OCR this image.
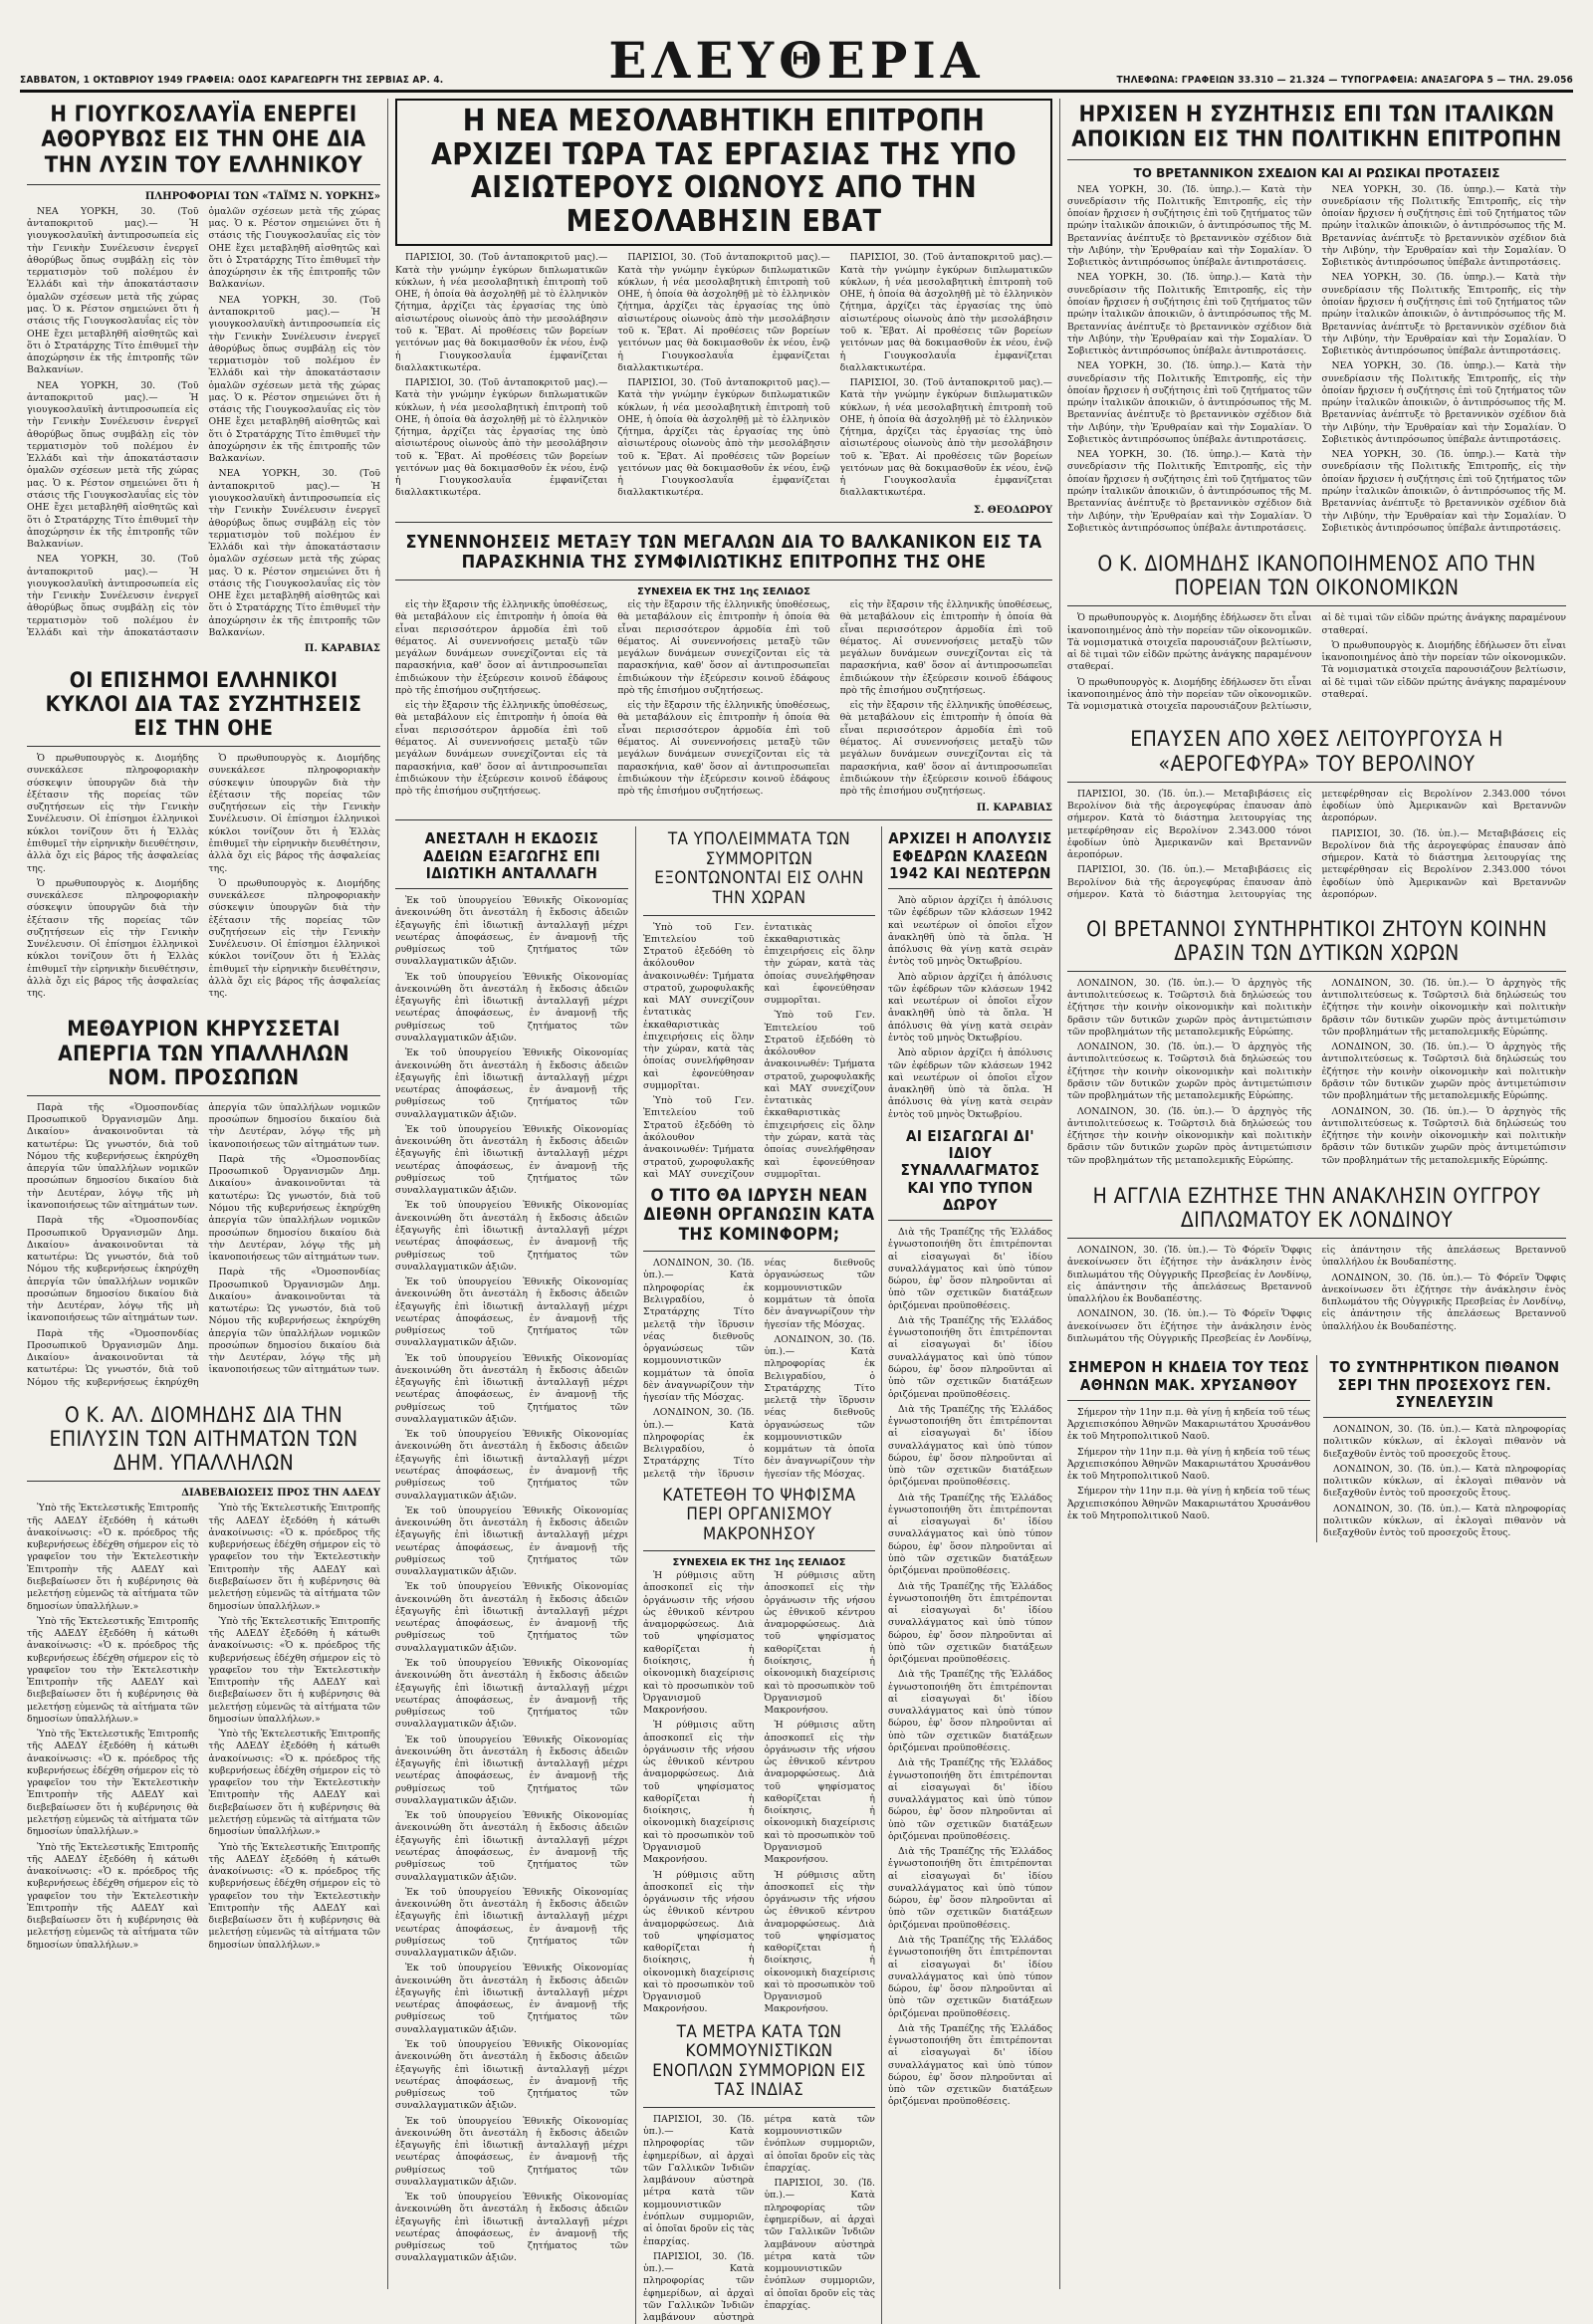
ΣΑΒΒΑΤΟΝ, 1 ΟΚΤΩΒΡΙΟΥ 1949 ΓΡΑΦΕΙΑ: ΟΔΟΣ ΚΑΡΑΓΕΩΡΓΗ ΤΗΣ ΣΕΡΒΙΑΣ ΑΡ. 4.	ΕΛΕΥΘΕΡΙΑ	ΤΗΛΕΦΩΝΑ: ΓΡΑΦΕΙΩΝ 33.310 — 21.324 — ΤΥΠΟΓΡΑΦΕΙΑ: ΑΝΑΞΑΓΟΡΑ 5 — ΤΗΛ. 29.056
Η ΓΙΟΥΓΚΟΣΛΑΥΪΑ ΕΝΕΡΓΕΙ ΑΘΟΡΥΒΩΣ ΕΙΣ ΤΗΝ ΟΗΕ ΔΙΑ ΤΗΝ ΛΥΣΙΝ ΤΟΥ ΕΛΛΗΝΙΚΟΥ
ΠΛΗΡΟΦΟΡΙΑΙ ΤΩΝ «ΤΑΪΜΣ Ν. ΥΟΡΚΗΣ»

ΝΕΑ ΥΟΡΚΗ, 30. (Τοῦ ἀνταποκριτοῦ μας).— Ἡ γιουγκοσλαυϊκὴ ἀντιπροσωπεία εἰς τὴν Γενικὴν Συνέλευσιν ἐνεργεῖ ἀθορύβως ὅπως συμβάλῃ εἰς τὸν τερματισμὸν τοῦ πολέμου ἐν Ἑλλάδι καὶ τὴν ἀποκατάστασιν ὁμαλῶν σχέσεων μετὰ τῆς χώρας μας. Ὁ κ. Ρέστον σημειώνει ὅτι ἡ στάσις τῆς Γιουγκοσλαυΐας εἰς τὸν ΟΗΕ ἔχει μεταβληθῆ αἰσθητῶς καὶ ὅτι ὁ Στρατάρχης Τίτο ἐπιθυμεῖ τὴν ἀποχώρησιν ἐκ τῆς ἐπιτροπῆς τῶν Βαλκανίων.

ΝΕΑ ΥΟΡΚΗ, 30. (Τοῦ ἀνταποκριτοῦ μας).— Ἡ γιουγκοσλαυϊκὴ ἀντιπροσωπεία εἰς τὴν Γενικὴν Συνέλευσιν ἐνεργεῖ ἀθορύβως ὅπως συμβάλῃ εἰς τὸν τερματισμὸν τοῦ πολέμου ἐν Ἑλλάδι καὶ τὴν ἀποκατάστασιν ὁμαλῶν σχέσεων μετὰ τῆς χώρας μας. Ὁ κ. Ρέστον σημειώνει ὅτι ἡ στάσις τῆς Γιουγκοσλαυΐας εἰς τὸν ΟΗΕ ἔχει μεταβληθῆ αἰσθητῶς καὶ ὅτι ὁ Στρατάρχης Τίτο ἐπιθυμεῖ τὴν ἀποχώρησιν ἐκ τῆς ἐπιτροπῆς τῶν Βαλκανίων.

ΝΕΑ ΥΟΡΚΗ, 30. (Τοῦ ἀνταποκριτοῦ μας).— Ἡ γιουγκοσλαυϊκὴ ἀντιπροσωπεία εἰς τὴν Γενικὴν Συνέλευσιν ἐνεργεῖ ἀθορύβως ὅπως συμβάλῃ εἰς τὸν τερματισμὸν τοῦ πολέμου ἐν Ἑλλάδι καὶ τὴν ἀποκατάστασιν ὁμαλῶν σχέσεων μετὰ τῆς χώρας μας. Ὁ κ. Ρέστον σημειώνει ὅτι ἡ στάσις τῆς Γιουγκοσλαυΐας εἰς τὸν ΟΗΕ ἔχει μεταβληθῆ αἰσθητῶς καὶ ὅτι ὁ Στρατάρχης Τίτο ἐπιθυμεῖ τὴν ἀποχώρησιν ἐκ τῆς ἐπιτροπῆς τῶν Βαλκανίων.

ΝΕΑ ΥΟΡΚΗ, 30. (Τοῦ ἀνταποκριτοῦ μας).— Ἡ γιουγκοσλαυϊκὴ ἀντιπροσωπεία εἰς τὴν Γενικὴν Συνέλευσιν ἐνεργεῖ ἀθορύβως ὅπως συμβάλῃ εἰς τὸν τερματισμὸν τοῦ πολέμου ἐν Ἑλλάδι καὶ τὴν ἀποκατάστασιν ὁμαλῶν σχέσεων μετὰ τῆς χώρας μας. Ὁ κ. Ρέστον σημειώνει ὅτι ἡ στάσις τῆς Γιουγκοσλαυΐας εἰς τὸν ΟΗΕ ἔχει μεταβληθῆ αἰσθητῶς καὶ ὅτι ὁ Στρατάρχης Τίτο ἐπιθυμεῖ τὴν ἀποχώρησιν ἐκ τῆς ἐπιτροπῆς τῶν Βαλκανίων.

ΝΕΑ ΥΟΡΚΗ, 30. (Τοῦ ἀνταποκριτοῦ μας).— Ἡ γιουγκοσλαυϊκὴ ἀντιπροσωπεία εἰς τὴν Γενικὴν Συνέλευσιν ἐνεργεῖ ἀθορύβως ὅπως συμβάλῃ εἰς τὸν τερματισμὸν τοῦ πολέμου ἐν Ἑλλάδι καὶ τὴν ἀποκατάστασιν ὁμαλῶν σχέσεων μετὰ τῆς χώρας μας. Ὁ κ. Ρέστον σημειώνει ὅτι ἡ στάσις τῆς Γιουγκοσλαυΐας εἰς τὸν ΟΗΕ ἔχει μεταβληθῆ αἰσθητῶς καὶ ὅτι ὁ Στρατάρχης Τίτο ἐπιθυμεῖ τὴν ἀποχώρησιν ἐκ τῆς ἐπιτροπῆς τῶν Βαλκανίων.

Π. ΚΑΡΑΒΙΑΣ
ΟΙ ΕΠΙΣΗΜΟΙ ΕΛΛΗΝΙΚΟΙ ΚΥΚΛΟΙ ΔΙΑ ΤΑΣ ΣΥΖΗΤΗΣΕΙΣ ΕΙΣ ΤΗΝ ΟΗΕ

Ὁ πρωθυπουργὸς κ. Διομήδης συνεκάλεσε πληροφοριακὴν σύσκεψιν ὑπουργῶν διὰ τὴν ἐξέτασιν τῆς πορείας τῶν συζητήσεων εἰς τὴν Γενικὴν Συνέλευσιν. Οἱ ἐπίσημοι ἑλληνικοὶ κύκλοι τονίζουν ὅτι ἡ Ἑλλὰς ἐπιθυμεῖ τὴν εἰρηνικὴν διευθέτησιν, ἀλλὰ ὄχι εἰς βάρος τῆς ἀσφαλείας της.

Ὁ πρωθυπουργὸς κ. Διομήδης συνεκάλεσε πληροφοριακὴν σύσκεψιν ὑπουργῶν διὰ τὴν ἐξέτασιν τῆς πορείας τῶν συζητήσεων εἰς τὴν Γενικὴν Συνέλευσιν. Οἱ ἐπίσημοι ἑλληνικοὶ κύκλοι τονίζουν ὅτι ἡ Ἑλλὰς ἐπιθυμεῖ τὴν εἰρηνικὴν διευθέτησιν, ἀλλὰ ὄχι εἰς βάρος τῆς ἀσφαλείας της.

Ὁ πρωθυπουργὸς κ. Διομήδης συνεκάλεσε πληροφοριακὴν σύσκεψιν ὑπουργῶν διὰ τὴν ἐξέτασιν τῆς πορείας τῶν συζητήσεων εἰς τὴν Γενικὴν Συνέλευσιν. Οἱ ἐπίσημοι ἑλληνικοὶ κύκλοι τονίζουν ὅτι ἡ Ἑλλὰς ἐπιθυμεῖ τὴν εἰρηνικὴν διευθέτησιν, ἀλλὰ ὄχι εἰς βάρος τῆς ἀσφαλείας της.

Ὁ πρωθυπουργὸς κ. Διομήδης συνεκάλεσε πληροφοριακὴν σύσκεψιν ὑπουργῶν διὰ τὴν ἐξέτασιν τῆς πορείας τῶν συζητήσεων εἰς τὴν Γενικὴν Συνέλευσιν. Οἱ ἐπίσημοι ἑλληνικοὶ κύκλοι τονίζουν ὅτι ἡ Ἑλλὰς ἐπιθυμεῖ τὴν εἰρηνικὴν διευθέτησιν, ἀλλὰ ὄχι εἰς βάρος τῆς ἀσφαλείας της.

ΜΕΘΑΥΡΙΟΝ ΚΗΡΥΣΣΕΤΑΙ ΑΠΕΡΓΙΑ ΤΩΝ ΥΠΑΛΛΗΛΩΝ ΝΟΜ. ΠΡΟΣΩΠΩΝ

Παρὰ τῆς «Ὁμοσπονδίας Προσωπικοῦ Ὀργανισμῶν Δημ. Δικαίου» ἀνακοινοῦνται τὰ κατωτέρω: Ὡς γνωστόν, διὰ τοῦ Νόμου τῆς κυβερνήσεως ἐκηρύχθη ἀπεργία τῶν ὑπαλλήλων νομικῶν προσώπων δημοσίου δικαίου διὰ τὴν Δευτέραν, λόγῳ τῆς μὴ ἱκανοποιήσεως τῶν αἰτημάτων των.

Παρὰ τῆς «Ὁμοσπονδίας Προσωπικοῦ Ὀργανισμῶν Δημ. Δικαίου» ἀνακοινοῦνται τὰ κατωτέρω: Ὡς γνωστόν, διὰ τοῦ Νόμου τῆς κυβερνήσεως ἐκηρύχθη ἀπεργία τῶν ὑπαλλήλων νομικῶν προσώπων δημοσίου δικαίου διὰ τὴν Δευτέραν, λόγῳ τῆς μὴ ἱκανοποιήσεως τῶν αἰτημάτων των.

Παρὰ τῆς «Ὁμοσπονδίας Προσωπικοῦ Ὀργανισμῶν Δημ. Δικαίου» ἀνακοινοῦνται τὰ κατωτέρω: Ὡς γνωστόν, διὰ τοῦ Νόμου τῆς κυβερνήσεως ἐκηρύχθη ἀπεργία τῶν ὑπαλλήλων νομικῶν προσώπων δημοσίου δικαίου διὰ τὴν Δευτέραν, λόγῳ τῆς μὴ ἱκανοποιήσεως τῶν αἰτημάτων των.

Παρὰ τῆς «Ὁμοσπονδίας Προσωπικοῦ Ὀργανισμῶν Δημ. Δικαίου» ἀνακοινοῦνται τὰ κατωτέρω: Ὡς γνωστόν, διὰ τοῦ Νόμου τῆς κυβερνήσεως ἐκηρύχθη ἀπεργία τῶν ὑπαλλήλων νομικῶν προσώπων δημοσίου δικαίου διὰ τὴν Δευτέραν, λόγῳ τῆς μὴ ἱκανοποιήσεως τῶν αἰτημάτων των.

Παρὰ τῆς «Ὁμοσπονδίας Προσωπικοῦ Ὀργανισμῶν Δημ. Δικαίου» ἀνακοινοῦνται τὰ κατωτέρω: Ὡς γνωστόν, διὰ τοῦ Νόμου τῆς κυβερνήσεως ἐκηρύχθη ἀπεργία τῶν ὑπαλλήλων νομικῶν προσώπων δημοσίου δικαίου διὰ τὴν Δευτέραν, λόγῳ τῆς μὴ ἱκανοποιήσεως τῶν αἰτημάτων των.

Ο Κ. ΑΛ. ΔΙΟΜΗΔΗΣ ΔΙΑ ΤΗΝ ΕΠΙΛΥΣΙΝ ΤΩΝ ΑΙΤΗΜΑΤΩΝ ΤΩΝ ΔΗΜ. ΥΠΑΛΛΗΛΩΝ
ΔΙΑΒΕΒΑΙΩΣΕΙΣ ΠΡΟΣ ΤΗΝ ΑΔΕΔΥ

Ὑπὸ τῆς Ἐκτελεστικῆς Ἐπιτροπῆς τῆς ΑΔΕΔΥ ἐξεδόθη ἡ κάτωθι ἀνακοίνωσις: «Ὁ κ. πρόεδρος τῆς κυβερνήσεως ἐδέχθη σήμερον εἰς τὸ γραφεῖον του τὴν Ἐκτελεστικὴν Ἐπιτροπὴν τῆς ΑΔΕΔΥ καὶ διεβεβαίωσεν ὅτι ἡ κυβέρνησις θὰ μελετήσῃ εὐμενῶς τὰ αἰτήματα τῶν δημοσίων ὑπαλλήλων.»

Ὑπὸ τῆς Ἐκτελεστικῆς Ἐπιτροπῆς τῆς ΑΔΕΔΥ ἐξεδόθη ἡ κάτωθι ἀνακοίνωσις: «Ὁ κ. πρόεδρος τῆς κυβερνήσεως ἐδέχθη σήμερον εἰς τὸ γραφεῖον του τὴν Ἐκτελεστικὴν Ἐπιτροπὴν τῆς ΑΔΕΔΥ καὶ διεβεβαίωσεν ὅτι ἡ κυβέρνησις θὰ μελετήσῃ εὐμενῶς τὰ αἰτήματα τῶν δημοσίων ὑπαλλήλων.»

Ὑπὸ τῆς Ἐκτελεστικῆς Ἐπιτροπῆς τῆς ΑΔΕΔΥ ἐξεδόθη ἡ κάτωθι ἀνακοίνωσις: «Ὁ κ. πρόεδρος τῆς κυβερνήσεως ἐδέχθη σήμερον εἰς τὸ γραφεῖον του τὴν Ἐκτελεστικὴν Ἐπιτροπὴν τῆς ΑΔΕΔΥ καὶ διεβεβαίωσεν ὅτι ἡ κυβέρνησις θὰ μελετήσῃ εὐμενῶς τὰ αἰτήματα τῶν δημοσίων ὑπαλλήλων.»

Ὑπὸ τῆς Ἐκτελεστικῆς Ἐπιτροπῆς τῆς ΑΔΕΔΥ ἐξεδόθη ἡ κάτωθι ἀνακοίνωσις: «Ὁ κ. πρόεδρος τῆς κυβερνήσεως ἐδέχθη σήμερον εἰς τὸ γραφεῖον του τὴν Ἐκτελεστικὴν Ἐπιτροπὴν τῆς ΑΔΕΔΥ καὶ διεβεβαίωσεν ὅτι ἡ κυβέρνησις θὰ μελετήσῃ εὐμενῶς τὰ αἰτήματα τῶν δημοσίων ὑπαλλήλων.»

Ὑπὸ τῆς Ἐκτελεστικῆς Ἐπιτροπῆς τῆς ΑΔΕΔΥ ἐξεδόθη ἡ κάτωθι ἀνακοίνωσις: «Ὁ κ. πρόεδρος τῆς κυβερνήσεως ἐδέχθη σήμερον εἰς τὸ γραφεῖον του τὴν Ἐκτελεστικὴν Ἐπιτροπὴν τῆς ΑΔΕΔΥ καὶ διεβεβαίωσεν ὅτι ἡ κυβέρνησις θὰ μελετήσῃ εὐμενῶς τὰ αἰτήματα τῶν δημοσίων ὑπαλλήλων.»

Ὑπὸ τῆς Ἐκτελεστικῆς Ἐπιτροπῆς τῆς ΑΔΕΔΥ ἐξεδόθη ἡ κάτωθι ἀνακοίνωσις: «Ὁ κ. πρόεδρος τῆς κυβερνήσεως ἐδέχθη σήμερον εἰς τὸ γραφεῖον του τὴν Ἐκτελεστικὴν Ἐπιτροπὴν τῆς ΑΔΕΔΥ καὶ διεβεβαίωσεν ὅτι ἡ κυβέρνησις θὰ μελετήσῃ εὐμενῶς τὰ αἰτήματα τῶν δημοσίων ὑπαλλήλων.»

Ὑπὸ τῆς Ἐκτελεστικῆς Ἐπιτροπῆς τῆς ΑΔΕΔΥ ἐξεδόθη ἡ κάτωθι ἀνακοίνωσις: «Ὁ κ. πρόεδρος τῆς κυβερνήσεως ἐδέχθη σήμερον εἰς τὸ γραφεῖον του τὴν Ἐκτελεστικὴν Ἐπιτροπὴν τῆς ΑΔΕΔΥ καὶ διεβεβαίωσεν ὅτι ἡ κυβέρνησις θὰ μελετήσῃ εὐμενῶς τὰ αἰτήματα τῶν δημοσίων ὑπαλλήλων.»

Ὑπὸ τῆς Ἐκτελεστικῆς Ἐπιτροπῆς τῆς ΑΔΕΔΥ ἐξεδόθη ἡ κάτωθι ἀνακοίνωσις: «Ὁ κ. πρόεδρος τῆς κυβερνήσεως ἐδέχθη σήμερον εἰς τὸ γραφεῖον του τὴν Ἐκτελεστικὴν Ἐπιτροπὴν τῆς ΑΔΕΔΥ καὶ διεβεβαίωσεν ὅτι ἡ κυβέρνησις θὰ μελετήσῃ εὐμενῶς τὰ αἰτήματα τῶν δημοσίων ὑπαλλήλων.»

Η ΝΕΑ ΜΕΣΟΛΑΒΗΤΙΚΗ ΕΠΙΤΡΟΠΗ ΑΡΧΙΖΕΙ ΤΩΡΑ ΤΑΣ ΕΡΓΑΣΙΑΣ ΤΗΣ ΥΠΟ ΑΙΣΙΩΤΕΡΟΥΣ ΟΙΩΝΟΥΣ ΑΠΟ ΤΗΝ ΜΕΣΟΛΑΒΗΣΙΝ ΕΒΑΤ

ΠΑΡΙΣΙΟΙ, 30. (Τοῦ ἀνταποκριτοῦ μας).— Κατὰ τὴν γνώμην ἐγκύρων διπλωματικῶν κύκλων, ἡ νέα μεσολαβητικὴ ἐπιτροπὴ τοῦ ΟΗΕ, ἡ ὁποία θὰ ἀσχοληθῇ μὲ τὸ ἑλληνικὸν ζήτημα, ἀρχίζει τὰς ἐργασίας της ὑπὸ αἰσιωτέρους οἰωνοὺς ἀπὸ τὴν μεσολάβησιν τοῦ κ. Ἔβατ. Αἱ προθέσεις τῶν βορείων γειτόνων μας θὰ δοκιμασθοῦν ἐκ νέου, ἐνῷ ἡ Γιουγκοσλαυΐα ἐμφανίζεται διαλλακτικωτέρα.

ΠΑΡΙΣΙΟΙ, 30. (Τοῦ ἀνταποκριτοῦ μας).— Κατὰ τὴν γνώμην ἐγκύρων διπλωματικῶν κύκλων, ἡ νέα μεσολαβητικὴ ἐπιτροπὴ τοῦ ΟΗΕ, ἡ ὁποία θὰ ἀσχοληθῇ μὲ τὸ ἑλληνικὸν ζήτημα, ἀρχίζει τὰς ἐργασίας της ὑπὸ αἰσιωτέρους οἰωνοὺς ἀπὸ τὴν μεσολάβησιν τοῦ κ. Ἔβατ. Αἱ προθέσεις τῶν βορείων γειτόνων μας θὰ δοκιμασθοῦν ἐκ νέου, ἐνῷ ἡ Γιουγκοσλαυΐα ἐμφανίζεται διαλλακτικωτέρα.

ΠΑΡΙΣΙΟΙ, 30. (Τοῦ ἀνταποκριτοῦ μας).— Κατὰ τὴν γνώμην ἐγκύρων διπλωματικῶν κύκλων, ἡ νέα μεσολαβητικὴ ἐπιτροπὴ τοῦ ΟΗΕ, ἡ ὁποία θὰ ἀσχοληθῇ μὲ τὸ ἑλληνικὸν ζήτημα, ἀρχίζει τὰς ἐργασίας της ὑπὸ αἰσιωτέρους οἰωνοὺς ἀπὸ τὴν μεσολάβησιν τοῦ κ. Ἔβατ. Αἱ προθέσεις τῶν βορείων γειτόνων μας θὰ δοκιμασθοῦν ἐκ νέου, ἐνῷ ἡ Γιουγκοσλαυΐα ἐμφανίζεται διαλλακτικωτέρα.

ΠΑΡΙΣΙΟΙ, 30. (Τοῦ ἀνταποκριτοῦ μας).— Κατὰ τὴν γνώμην ἐγκύρων διπλωματικῶν κύκλων, ἡ νέα μεσολαβητικὴ ἐπιτροπὴ τοῦ ΟΗΕ, ἡ ὁποία θὰ ἀσχοληθῇ μὲ τὸ ἑλληνικὸν ζήτημα, ἀρχίζει τὰς ἐργασίας της ὑπὸ αἰσιωτέρους οἰωνοὺς ἀπὸ τὴν μεσολάβησιν τοῦ κ. Ἔβατ. Αἱ προθέσεις τῶν βορείων γειτόνων μας θὰ δοκιμασθοῦν ἐκ νέου, ἐνῷ ἡ Γιουγκοσλαυΐα ἐμφανίζεται διαλλακτικωτέρα.

ΠΑΡΙΣΙΟΙ, 30. (Τοῦ ἀνταποκριτοῦ μας).— Κατὰ τὴν γνώμην ἐγκύρων διπλωματικῶν κύκλων, ἡ νέα μεσολαβητικὴ ἐπιτροπὴ τοῦ ΟΗΕ, ἡ ὁποία θὰ ἀσχοληθῇ μὲ τὸ ἑλληνικὸν ζήτημα, ἀρχίζει τὰς ἐργασίας της ὑπὸ αἰσιωτέρους οἰωνοὺς ἀπὸ τὴν μεσολάβησιν τοῦ κ. Ἔβατ. Αἱ προθέσεις τῶν βορείων γειτόνων μας θὰ δοκιμασθοῦν ἐκ νέου, ἐνῷ ἡ Γιουγκοσλαυΐα ἐμφανίζεται διαλλακτικωτέρα.

ΠΑΡΙΣΙΟΙ, 30. (Τοῦ ἀνταποκριτοῦ μας).— Κατὰ τὴν γνώμην ἐγκύρων διπλωματικῶν κύκλων, ἡ νέα μεσολαβητικὴ ἐπιτροπὴ τοῦ ΟΗΕ, ἡ ὁποία θὰ ἀσχοληθῇ μὲ τὸ ἑλληνικὸν ζήτημα, ἀρχίζει τὰς ἐργασίας της ὑπὸ αἰσιωτέρους οἰωνοὺς ἀπὸ τὴν μεσολάβησιν τοῦ κ. Ἔβατ. Αἱ προθέσεις τῶν βορείων γειτόνων μας θὰ δοκιμασθοῦν ἐκ νέου, ἐνῷ ἡ Γιουγκοσλαυΐα ἐμφανίζεται διαλλακτικωτέρα.

Σ. ΘΕΟΔΩΡΟΥ
ΣΥΝΕΝΝΟΗΣΕΙΣ ΜΕΤΑΞΥ ΤΩΝ ΜΕΓΑΛΩΝ ΔΙΑ ΤΟ ΒΑΛΚΑΝΙΚΟΝ ΕΙΣ ΤΑ ΠΑΡΑΣΚΗΝΙΑ ΤΗΣ ΣΥΜΦΙΛΙΩΤΙΚΗΣ ΕΠΙΤΡΟΠΗΣ ΤΗΣ ΟΗΕ
ΣΥΝΕΧΕΙΑ ΕΚ ΤΗΣ 1ης ΣΕΛΙΔΟΣ

εἰς τὴν ἔξαρσιν τῆς ἑλληνικῆς ὑποθέσεως, θὰ μεταβάλουν εἰς ἐπιτροπὴν ἡ ὁποία θὰ εἶναι περισσότερον ἁρμοδία ἐπὶ τοῦ θέματος. Αἱ συνεννοήσεις μεταξὺ τῶν μεγάλων δυνάμεων συνεχίζονται εἰς τὰ παρασκήνια, καθ' ὅσον αἱ ἀντιπροσωπεῖαι ἐπιδιώκουν τὴν ἐξεύρεσιν κοινοῦ ἐδάφους πρὸ τῆς ἐπισήμου συζητήσεως.

εἰς τὴν ἔξαρσιν τῆς ἑλληνικῆς ὑποθέσεως, θὰ μεταβάλουν εἰς ἐπιτροπὴν ἡ ὁποία θὰ εἶναι περισσότερον ἁρμοδία ἐπὶ τοῦ θέματος. Αἱ συνεννοήσεις μεταξὺ τῶν μεγάλων δυνάμεων συνεχίζονται εἰς τὰ παρασκήνια, καθ' ὅσον αἱ ἀντιπροσωπεῖαι ἐπιδιώκουν τὴν ἐξεύρεσιν κοινοῦ ἐδάφους πρὸ τῆς ἐπισήμου συζητήσεως.

εἰς τὴν ἔξαρσιν τῆς ἑλληνικῆς ὑποθέσεως, θὰ μεταβάλουν εἰς ἐπιτροπὴν ἡ ὁποία θὰ εἶναι περισσότερον ἁρμοδία ἐπὶ τοῦ θέματος. Αἱ συνεννοήσεις μεταξὺ τῶν μεγάλων δυνάμεων συνεχίζονται εἰς τὰ παρασκήνια, καθ' ὅσον αἱ ἀντιπροσωπεῖαι ἐπιδιώκουν τὴν ἐξεύρεσιν κοινοῦ ἐδάφους πρὸ τῆς ἐπισήμου συζητήσεως.

εἰς τὴν ἔξαρσιν τῆς ἑλληνικῆς ὑποθέσεως, θὰ μεταβάλουν εἰς ἐπιτροπὴν ἡ ὁποία θὰ εἶναι περισσότερον ἁρμοδία ἐπὶ τοῦ θέματος. Αἱ συνεννοήσεις μεταξὺ τῶν μεγάλων δυνάμεων συνεχίζονται εἰς τὰ παρασκήνια, καθ' ὅσον αἱ ἀντιπροσωπεῖαι ἐπιδιώκουν τὴν ἐξεύρεσιν κοινοῦ ἐδάφους πρὸ τῆς ἐπισήμου συζητήσεως.

εἰς τὴν ἔξαρσιν τῆς ἑλληνικῆς ὑποθέσεως, θὰ μεταβάλουν εἰς ἐπιτροπὴν ἡ ὁποία θὰ εἶναι περισσότερον ἁρμοδία ἐπὶ τοῦ θέματος. Αἱ συνεννοήσεις μεταξὺ τῶν μεγάλων δυνάμεων συνεχίζονται εἰς τὰ παρασκήνια, καθ' ὅσον αἱ ἀντιπροσωπεῖαι ἐπιδιώκουν τὴν ἐξεύρεσιν κοινοῦ ἐδάφους πρὸ τῆς ἐπισήμου συζητήσεως.

εἰς τὴν ἔξαρσιν τῆς ἑλληνικῆς ὑποθέσεως, θὰ μεταβάλουν εἰς ἐπιτροπὴν ἡ ὁποία θὰ εἶναι περισσότερον ἁρμοδία ἐπὶ τοῦ θέματος. Αἱ συνεννοήσεις μεταξὺ τῶν μεγάλων δυνάμεων συνεχίζονται εἰς τὰ παρασκήνια, καθ' ὅσον αἱ ἀντιπροσωπεῖαι ἐπιδιώκουν τὴν ἐξεύρεσιν κοινοῦ ἐδάφους πρὸ τῆς ἐπισήμου συζητήσεως.

Π. ΚΑΡΑΒΙΑΣ
ΑΝΕΣΤΑΛΗ Η ΕΚΔΟΣΙΣ ΑΔΕΙΩΝ ΕΞΑΓΩΓΗΣ ΕΠΙ ΙΔΙΩΤΙΚΗ ΑΝΤΑΛΛΑΓΗ

Ἐκ τοῦ ὑπουργείου Ἐθνικῆς Οἰκονομίας ἀνεκοινώθη ὅτι ἀνεστάλη ἡ ἔκδοσις ἀδειῶν ἐξαγωγῆς ἐπὶ ἰδιωτικῇ ἀνταλλαγῇ μέχρι νεωτέρας ἀποφάσεως, ἐν ἀναμονῇ τῆς ρυθμίσεως τοῦ ζητήματος τῶν συναλλαγματικῶν ἀξιῶν.

Ἐκ τοῦ ὑπουργείου Ἐθνικῆς Οἰκονομίας ἀνεκοινώθη ὅτι ἀνεστάλη ἡ ἔκδοσις ἀδειῶν ἐξαγωγῆς ἐπὶ ἰδιωτικῇ ἀνταλλαγῇ μέχρι νεωτέρας ἀποφάσεως, ἐν ἀναμονῇ τῆς ρυθμίσεως τοῦ ζητήματος τῶν συναλλαγματικῶν ἀξιῶν.

Ἐκ τοῦ ὑπουργείου Ἐθνικῆς Οἰκονομίας ἀνεκοινώθη ὅτι ἀνεστάλη ἡ ἔκδοσις ἀδειῶν ἐξαγωγῆς ἐπὶ ἰδιωτικῇ ἀνταλλαγῇ μέχρι νεωτέρας ἀποφάσεως, ἐν ἀναμονῇ τῆς ρυθμίσεως τοῦ ζητήματος τῶν συναλλαγματικῶν ἀξιῶν.

Ἐκ τοῦ ὑπουργείου Ἐθνικῆς Οἰκονομίας ἀνεκοινώθη ὅτι ἀνεστάλη ἡ ἔκδοσις ἀδειῶν ἐξαγωγῆς ἐπὶ ἰδιωτικῇ ἀνταλλαγῇ μέχρι νεωτέρας ἀποφάσεως, ἐν ἀναμονῇ τῆς ρυθμίσεως τοῦ ζητήματος τῶν συναλλαγματικῶν ἀξιῶν.

Ἐκ τοῦ ὑπουργείου Ἐθνικῆς Οἰκονομίας ἀνεκοινώθη ὅτι ἀνεστάλη ἡ ἔκδοσις ἀδειῶν ἐξαγωγῆς ἐπὶ ἰδιωτικῇ ἀνταλλαγῇ μέχρι νεωτέρας ἀποφάσεως, ἐν ἀναμονῇ τῆς ρυθμίσεως τοῦ ζητήματος τῶν συναλλαγματικῶν ἀξιῶν.

Ἐκ τοῦ ὑπουργείου Ἐθνικῆς Οἰκονομίας ἀνεκοινώθη ὅτι ἀνεστάλη ἡ ἔκδοσις ἀδειῶν ἐξαγωγῆς ἐπὶ ἰδιωτικῇ ἀνταλλαγῇ μέχρι νεωτέρας ἀποφάσεως, ἐν ἀναμονῇ τῆς ρυθμίσεως τοῦ ζητήματος τῶν συναλλαγματικῶν ἀξιῶν.

Ἐκ τοῦ ὑπουργείου Ἐθνικῆς Οἰκονομίας ἀνεκοινώθη ὅτι ἀνεστάλη ἡ ἔκδοσις ἀδειῶν ἐξαγωγῆς ἐπὶ ἰδιωτικῇ ἀνταλλαγῇ μέχρι νεωτέρας ἀποφάσεως, ἐν ἀναμονῇ τῆς ρυθμίσεως τοῦ ζητήματος τῶν συναλλαγματικῶν ἀξιῶν.

Ἐκ τοῦ ὑπουργείου Ἐθνικῆς Οἰκονομίας ἀνεκοινώθη ὅτι ἀνεστάλη ἡ ἔκδοσις ἀδειῶν ἐξαγωγῆς ἐπὶ ἰδιωτικῇ ἀνταλλαγῇ μέχρι νεωτέρας ἀποφάσεως, ἐν ἀναμονῇ τῆς ρυθμίσεως τοῦ ζητήματος τῶν συναλλαγματικῶν ἀξιῶν.

Ἐκ τοῦ ὑπουργείου Ἐθνικῆς Οἰκονομίας ἀνεκοινώθη ὅτι ἀνεστάλη ἡ ἔκδοσις ἀδειῶν ἐξαγωγῆς ἐπὶ ἰδιωτικῇ ἀνταλλαγῇ μέχρι νεωτέρας ἀποφάσεως, ἐν ἀναμονῇ τῆς ρυθμίσεως τοῦ ζητήματος τῶν συναλλαγματικῶν ἀξιῶν.

Ἐκ τοῦ ὑπουργείου Ἐθνικῆς Οἰκονομίας ἀνεκοινώθη ὅτι ἀνεστάλη ἡ ἔκδοσις ἀδειῶν ἐξαγωγῆς ἐπὶ ἰδιωτικῇ ἀνταλλαγῇ μέχρι νεωτέρας ἀποφάσεως, ἐν ἀναμονῇ τῆς ρυθμίσεως τοῦ ζητήματος τῶν συναλλαγματικῶν ἀξιῶν.

Ἐκ τοῦ ὑπουργείου Ἐθνικῆς Οἰκονομίας ἀνεκοινώθη ὅτι ἀνεστάλη ἡ ἔκδοσις ἀδειῶν ἐξαγωγῆς ἐπὶ ἰδιωτικῇ ἀνταλλαγῇ μέχρι νεωτέρας ἀποφάσεως, ἐν ἀναμονῇ τῆς ρυθμίσεως τοῦ ζητήματος τῶν συναλλαγματικῶν ἀξιῶν.

Ἐκ τοῦ ὑπουργείου Ἐθνικῆς Οἰκονομίας ἀνεκοινώθη ὅτι ἀνεστάλη ἡ ἔκδοσις ἀδειῶν ἐξαγωγῆς ἐπὶ ἰδιωτικῇ ἀνταλλαγῇ μέχρι νεωτέρας ἀποφάσεως, ἐν ἀναμονῇ τῆς ρυθμίσεως τοῦ ζητήματος τῶν συναλλαγματικῶν ἀξιῶν.

Ἐκ τοῦ ὑπουργείου Ἐθνικῆς Οἰκονομίας ἀνεκοινώθη ὅτι ἀνεστάλη ἡ ἔκδοσις ἀδειῶν ἐξαγωγῆς ἐπὶ ἰδιωτικῇ ἀνταλλαγῇ μέχρι νεωτέρας ἀποφάσεως, ἐν ἀναμονῇ τῆς ρυθμίσεως τοῦ ζητήματος τῶν συναλλαγματικῶν ἀξιῶν.

Ἐκ τοῦ ὑπουργείου Ἐθνικῆς Οἰκονομίας ἀνεκοινώθη ὅτι ἀνεστάλη ἡ ἔκδοσις ἀδειῶν ἐξαγωγῆς ἐπὶ ἰδιωτικῇ ἀνταλλαγῇ μέχρι νεωτέρας ἀποφάσεως, ἐν ἀναμονῇ τῆς ρυθμίσεως τοῦ ζητήματος τῶν συναλλαγματικῶν ἀξιῶν.

Ἐκ τοῦ ὑπουργείου Ἐθνικῆς Οἰκονομίας ἀνεκοινώθη ὅτι ἀνεστάλη ἡ ἔκδοσις ἀδειῶν ἐξαγωγῆς ἐπὶ ἰδιωτικῇ ἀνταλλαγῇ μέχρι νεωτέρας ἀποφάσεως, ἐν ἀναμονῇ τῆς ρυθμίσεως τοῦ ζητήματος τῶν συναλλαγματικῶν ἀξιῶν.

Ἐκ τοῦ ὑπουργείου Ἐθνικῆς Οἰκονομίας ἀνεκοινώθη ὅτι ἀνεστάλη ἡ ἔκδοσις ἀδειῶν ἐξαγωγῆς ἐπὶ ἰδιωτικῇ ἀνταλλαγῇ μέχρι νεωτέρας ἀποφάσεως, ἐν ἀναμονῇ τῆς ρυθμίσεως τοῦ ζητήματος τῶν συναλλαγματικῶν ἀξιῶν.

Ἐκ τοῦ ὑπουργείου Ἐθνικῆς Οἰκονομίας ἀνεκοινώθη ὅτι ἀνεστάλη ἡ ἔκδοσις ἀδειῶν ἐξαγωγῆς ἐπὶ ἰδιωτικῇ ἀνταλλαγῇ μέχρι νεωτέρας ἀποφάσεως, ἐν ἀναμονῇ τῆς ρυθμίσεως τοῦ ζητήματος τῶν συναλλαγματικῶν ἀξιῶν.

Ἐκ τοῦ ὑπουργείου Ἐθνικῆς Οἰκονομίας ἀνεκοινώθη ὅτι ἀνεστάλη ἡ ἔκδοσις ἀδειῶν ἐξαγωγῆς ἐπὶ ἰδιωτικῇ ἀνταλλαγῇ μέχρι νεωτέρας ἀποφάσεως, ἐν ἀναμονῇ τῆς ρυθμίσεως τοῦ ζητήματος τῶν συναλλαγματικῶν ἀξιῶν.

ΤΑ ΥΠΟΛΕΙΜΜΑΤΑ ΤΩΝ ΣΥΜΜΟΡΙΤΩΝ ΕΞΟΝΤΩΝΟΝΤΑΙ ΕΙΣ ΟΛΗΝ ΤΗΝ ΧΩΡΑΝ

Ὑπὸ τοῦ Γεν. Ἐπιτελείου τοῦ Στρατοῦ ἐξεδόθη τὸ ἀκόλουθον ἀνακοινωθέν: Τμήματα στρατοῦ, χωροφυλακῆς καὶ ΜΑΥ συνεχίζουν ἐντατικὰς ἐκκαθαριστικὰς ἐπιχειρήσεις εἰς ὅλην τὴν χώραν, κατὰ τὰς ὁποίας συνελήφθησαν καὶ ἐφονεύθησαν συμμορῖται.

Ὑπὸ τοῦ Γεν. Ἐπιτελείου τοῦ Στρατοῦ ἐξεδόθη τὸ ἀκόλουθον ἀνακοινωθέν: Τμήματα στρατοῦ, χωροφυλακῆς καὶ ΜΑΥ συνεχίζουν ἐντατικὰς ἐκκαθαριστικὰς ἐπιχειρήσεις εἰς ὅλην τὴν χώραν, κατὰ τὰς ὁποίας συνελήφθησαν καὶ ἐφονεύθησαν συμμορῖται.

Ὑπὸ τοῦ Γεν. Ἐπιτελείου τοῦ Στρατοῦ ἐξεδόθη τὸ ἀκόλουθον ἀνακοινωθέν: Τμήματα στρατοῦ, χωροφυλακῆς καὶ ΜΑΥ συνεχίζουν ἐντατικὰς ἐκκαθαριστικὰς ἐπιχειρήσεις εἰς ὅλην τὴν χώραν, κατὰ τὰς ὁποίας συνελήφθησαν καὶ ἐφονεύθησαν συμμορῖται.

Ο ΤΙΤΟ ΘΑ ΙΔΡΥΣΗ ΝΕΑΝ ΔΙΕΘΝΗ ΟΡΓΑΝΩΣΙΝ ΚΑΤΑ ΤΗΣ ΚΟΜΙΝΦΟΡΜ;

ΛΟΝΔΙΝΟΝ, 30. (Ἰδ. ὑπ.).— Κατὰ πληροφορίας ἐκ Βελιγραδίου, ὁ Στρατάρχης Τίτο μελετᾷ τὴν ἵδρυσιν νέας διεθνοῦς ὀργανώσεως τῶν κομμουνιστικῶν κομμάτων τὰ ὁποῖα δὲν ἀναγνωρίζουν τὴν ἡγεσίαν τῆς Μόσχας.

ΛΟΝΔΙΝΟΝ, 30. (Ἰδ. ὑπ.).— Κατὰ πληροφορίας ἐκ Βελιγραδίου, ὁ Στρατάρχης Τίτο μελετᾷ τὴν ἵδρυσιν νέας διεθνοῦς ὀργανώσεως τῶν κομμουνιστικῶν κομμάτων τὰ ὁποῖα δὲν ἀναγνωρίζουν τὴν ἡγεσίαν τῆς Μόσχας.

ΛΟΝΔΙΝΟΝ, 30. (Ἰδ. ὑπ.).— Κατὰ πληροφορίας ἐκ Βελιγραδίου, ὁ Στρατάρχης Τίτο μελετᾷ τὴν ἵδρυσιν νέας διεθνοῦς ὀργανώσεως τῶν κομμουνιστικῶν κομμάτων τὰ ὁποῖα δὲν ἀναγνωρίζουν τὴν ἡγεσίαν τῆς Μόσχας.

ΚΑΤΕΤΕΘΗ ΤΟ ΨΗΦΙΣΜΑ ΠΕΡΙ ΟΡΓΑΝΙΣΜΟΥ ΜΑΚΡΟΝΗΣΟΥ
ΣΥΝΕΧΕΙΑ ΕΚ ΤΗΣ 1ης ΣΕΛΙΔΟΣ

Ἡ ρύθμισις αὕτη ἀποσκοπεῖ εἰς τὴν ὀργάνωσιν τῆς νήσου ὡς ἐθνικοῦ κέντρου ἀναμορφώσεως. Διὰ τοῦ ψηφίσματος καθορίζεται ἡ διοίκησις, ἡ οἰκονομικὴ διαχείρισις καὶ τὸ προσωπικὸν τοῦ Ὀργανισμοῦ Μακρονήσου.

Ἡ ρύθμισις αὕτη ἀποσκοπεῖ εἰς τὴν ὀργάνωσιν τῆς νήσου ὡς ἐθνικοῦ κέντρου ἀναμορφώσεως. Διὰ τοῦ ψηφίσματος καθορίζεται ἡ διοίκησις, ἡ οἰκονομικὴ διαχείρισις καὶ τὸ προσωπικὸν τοῦ Ὀργανισμοῦ Μακρονήσου.

Ἡ ρύθμισις αὕτη ἀποσκοπεῖ εἰς τὴν ὀργάνωσιν τῆς νήσου ὡς ἐθνικοῦ κέντρου ἀναμορφώσεως. Διὰ τοῦ ψηφίσματος καθορίζεται ἡ διοίκησις, ἡ οἰκονομικὴ διαχείρισις καὶ τὸ προσωπικὸν τοῦ Ὀργανισμοῦ Μακρονήσου.

Ἡ ρύθμισις αὕτη ἀποσκοπεῖ εἰς τὴν ὀργάνωσιν τῆς νήσου ὡς ἐθνικοῦ κέντρου ἀναμορφώσεως. Διὰ τοῦ ψηφίσματος καθορίζεται ἡ διοίκησις, ἡ οἰκονομικὴ διαχείρισις καὶ τὸ προσωπικὸν τοῦ Ὀργανισμοῦ Μακρονήσου.

Ἡ ρύθμισις αὕτη ἀποσκοπεῖ εἰς τὴν ὀργάνωσιν τῆς νήσου ὡς ἐθνικοῦ κέντρου ἀναμορφώσεως. Διὰ τοῦ ψηφίσματος καθορίζεται ἡ διοίκησις, ἡ οἰκονομικὴ διαχείρισις καὶ τὸ προσωπικὸν τοῦ Ὀργανισμοῦ Μακρονήσου.

Ἡ ρύθμισις αὕτη ἀποσκοπεῖ εἰς τὴν ὀργάνωσιν τῆς νήσου ὡς ἐθνικοῦ κέντρου ἀναμορφώσεως. Διὰ τοῦ ψηφίσματος καθορίζεται ἡ διοίκησις, ἡ οἰκονομικὴ διαχείρισις καὶ τὸ προσωπικὸν τοῦ Ὀργανισμοῦ Μακρονήσου.

ΤΑ ΜΕΤΡΑ ΚΑΤΑ ΤΩΝ ΚΟΜΜΟΥΝΙΣΤΙΚΩΝ ΕΝΟΠΛΩΝ ΣΥΜΜΟΡΙΩΝ ΕΙΣ ΤΑΣ ΙΝΔΙΑΣ

ΠΑΡΙΣΙΟΙ, 30. (Ἰδ. ὑπ.).— Κατὰ πληροφορίας τῶν ἐφημερίδων, αἱ ἀρχαὶ τῶν Γαλλικῶν Ἰνδιῶν λαμβάνουν αὐστηρὰ μέτρα κατὰ τῶν κομμουνιστικῶν ἐνόπλων συμμοριῶν, αἱ ὁποῖαι δροῦν εἰς τὰς ἐπαρχίας.

ΠΑΡΙΣΙΟΙ, 30. (Ἰδ. ὑπ.).— Κατὰ πληροφορίας τῶν ἐφημερίδων, αἱ ἀρχαὶ τῶν Γαλλικῶν Ἰνδιῶν λαμβάνουν αὐστηρὰ μέτρα κατὰ τῶν κομμουνιστικῶν ἐνόπλων συμμοριῶν, αἱ ὁποῖαι δροῦν εἰς τὰς ἐπαρχίας.

ΠΑΡΙΣΙΟΙ, 30. (Ἰδ. ὑπ.).— Κατὰ πληροφορίας τῶν ἐφημερίδων, αἱ ἀρχαὶ τῶν Γαλλικῶν Ἰνδιῶν λαμβάνουν αὐστηρὰ μέτρα κατὰ τῶν κομμουνιστικῶν ἐνόπλων συμμοριῶν, αἱ ὁποῖαι δροῦν εἰς τὰς ἐπαρχίας.

ΑΡΧΙΖΕΙ Η ΑΠΟΛΥΣΙΣ ΕΦΕΔΡΩΝ ΚΛΑΣΕΩΝ 1942 ΚΑΙ ΝΕΩΤΕΡΩΝ

Ἀπὸ αὔριον ἀρχίζει ἡ ἀπόλυσις τῶν ἐφέδρων τῶν κλάσεων 1942 καὶ νεωτέρων οἱ ὁποῖοι εἶχον ἀνακληθῆ ὑπὸ τὰ ὅπλα. Ἡ ἀπόλυσις θὰ γίνῃ κατὰ σειρὰν ἐντὸς τοῦ μηνὸς Ὀκτωβρίου.

Ἀπὸ αὔριον ἀρχίζει ἡ ἀπόλυσις τῶν ἐφέδρων τῶν κλάσεων 1942 καὶ νεωτέρων οἱ ὁποῖοι εἶχον ἀνακληθῆ ὑπὸ τὰ ὅπλα. Ἡ ἀπόλυσις θὰ γίνῃ κατὰ σειρὰν ἐντὸς τοῦ μηνὸς Ὀκτωβρίου.

Ἀπὸ αὔριον ἀρχίζει ἡ ἀπόλυσις τῶν ἐφέδρων τῶν κλάσεων 1942 καὶ νεωτέρων οἱ ὁποῖοι εἶχον ἀνακληθῆ ὑπὸ τὰ ὅπλα. Ἡ ἀπόλυσις θὰ γίνῃ κατὰ σειρὰν ἐντὸς τοῦ μηνὸς Ὀκτωβρίου.

ΑΙ ΕΙΣΑΓΩΓΑΙ ΔΙ' ΙΔΙΟΥ ΣΥΝΑΛΛΑΓΜΑΤΟΣ ΚΑΙ ΥΠΟ ΤΥΠΟΝ ΔΩΡΟΥ

Διὰ τῆς Τραπέζης τῆς Ἑλλάδος ἐγνωστοποιήθη ὅτι ἐπιτρέπονται αἱ εἰσαγωγαὶ δι' ἰδίου συναλλάγματος καὶ ὑπὸ τύπον δώρου, ἐφ' ὅσον πληροῦνται αἱ ὑπὸ τῶν σχετικῶν διατάξεων ὁριζόμεναι προϋποθέσεις.

Διὰ τῆς Τραπέζης τῆς Ἑλλάδος ἐγνωστοποιήθη ὅτι ἐπιτρέπονται αἱ εἰσαγωγαὶ δι' ἰδίου συναλλάγματος καὶ ὑπὸ τύπον δώρου, ἐφ' ὅσον πληροῦνται αἱ ὑπὸ τῶν σχετικῶν διατάξεων ὁριζόμεναι προϋποθέσεις.

Διὰ τῆς Τραπέζης τῆς Ἑλλάδος ἐγνωστοποιήθη ὅτι ἐπιτρέπονται αἱ εἰσαγωγαὶ δι' ἰδίου συναλλάγματος καὶ ὑπὸ τύπον δώρου, ἐφ' ὅσον πληροῦνται αἱ ὑπὸ τῶν σχετικῶν διατάξεων ὁριζόμεναι προϋποθέσεις.

Διὰ τῆς Τραπέζης τῆς Ἑλλάδος ἐγνωστοποιήθη ὅτι ἐπιτρέπονται αἱ εἰσαγωγαὶ δι' ἰδίου συναλλάγματος καὶ ὑπὸ τύπον δώρου, ἐφ' ὅσον πληροῦνται αἱ ὑπὸ τῶν σχετικῶν διατάξεων ὁριζόμεναι προϋποθέσεις.

Διὰ τῆς Τραπέζης τῆς Ἑλλάδος ἐγνωστοποιήθη ὅτι ἐπιτρέπονται αἱ εἰσαγωγαὶ δι' ἰδίου συναλλάγματος καὶ ὑπὸ τύπον δώρου, ἐφ' ὅσον πληροῦνται αἱ ὑπὸ τῶν σχετικῶν διατάξεων ὁριζόμεναι προϋποθέσεις.

Διὰ τῆς Τραπέζης τῆς Ἑλλάδος ἐγνωστοποιήθη ὅτι ἐπιτρέπονται αἱ εἰσαγωγαὶ δι' ἰδίου συναλλάγματος καὶ ὑπὸ τύπον δώρου, ἐφ' ὅσον πληροῦνται αἱ ὑπὸ τῶν σχετικῶν διατάξεων ὁριζόμεναι προϋποθέσεις.

Διὰ τῆς Τραπέζης τῆς Ἑλλάδος ἐγνωστοποιήθη ὅτι ἐπιτρέπονται αἱ εἰσαγωγαὶ δι' ἰδίου συναλλάγματος καὶ ὑπὸ τύπον δώρου, ἐφ' ὅσον πληροῦνται αἱ ὑπὸ τῶν σχετικῶν διατάξεων ὁριζόμεναι προϋποθέσεις.

Διὰ τῆς Τραπέζης τῆς Ἑλλάδος ἐγνωστοποιήθη ὅτι ἐπιτρέπονται αἱ εἰσαγωγαὶ δι' ἰδίου συναλλάγματος καὶ ὑπὸ τύπον δώρου, ἐφ' ὅσον πληροῦνται αἱ ὑπὸ τῶν σχετικῶν διατάξεων ὁριζόμεναι προϋποθέσεις.

Διὰ τῆς Τραπέζης τῆς Ἑλλάδος ἐγνωστοποιήθη ὅτι ἐπιτρέπονται αἱ εἰσαγωγαὶ δι' ἰδίου συναλλάγματος καὶ ὑπὸ τύπον δώρου, ἐφ' ὅσον πληροῦνται αἱ ὑπὸ τῶν σχετικῶν διατάξεων ὁριζόμεναι προϋποθέσεις.

Διὰ τῆς Τραπέζης τῆς Ἑλλάδος ἐγνωστοποιήθη ὅτι ἐπιτρέπονται αἱ εἰσαγωγαὶ δι' ἰδίου συναλλάγματος καὶ ὑπὸ τύπον δώρου, ἐφ' ὅσον πληροῦνται αἱ ὑπὸ τῶν σχετικῶν διατάξεων ὁριζόμεναι προϋποθέσεις.

ΗΡΧΙΣΕΝ Η ΣΥΖΗΤΗΣΙΣ ΕΠΙ ΤΩΝ ΙΤΑΛΙΚΩΝ ΑΠΟΙΚΙΩΝ ΕΙΣ ΤΗΝ ΠΟΛΙΤΙΚΗΝ ΕΠΙΤΡΟΠΗΝ
ΤΟ ΒΡΕΤΑΝΝΙΚΟΝ ΣΧΕΔΙΟΝ ΚΑΙ ΑΙ ΡΩΣΙΚΑΙ ΠΡΟΤΑΣΕΙΣ

ΝΕΑ ΥΟΡΚΗ, 30. (Ἰδ. ὑπηρ.).— Κατὰ τὴν συνεδρίασιν τῆς Πολιτικῆς Ἐπιτροπῆς, εἰς τὴν ὁποίαν ἤρχισεν ἡ συζήτησις ἐπὶ τοῦ ζητήματος τῶν πρώην ἰταλικῶν ἀποικιῶν, ὁ ἀντιπρόσωπος τῆς Μ. Βρεταννίας ἀνέπτυξε τὸ βρεταννικὸν σχέδιον διὰ τὴν Λιβύην, τὴν Ἐρυθραίαν καὶ τὴν Σομαλίαν. Ὁ Σοβιετικὸς ἀντιπρόσωπος ὑπέβαλε ἀντιπροτάσεις.

ΝΕΑ ΥΟΡΚΗ, 30. (Ἰδ. ὑπηρ.).— Κατὰ τὴν συνεδρίασιν τῆς Πολιτικῆς Ἐπιτροπῆς, εἰς τὴν ὁποίαν ἤρχισεν ἡ συζήτησις ἐπὶ τοῦ ζητήματος τῶν πρώην ἰταλικῶν ἀποικιῶν, ὁ ἀντιπρόσωπος τῆς Μ. Βρεταννίας ἀνέπτυξε τὸ βρεταννικὸν σχέδιον διὰ τὴν Λιβύην, τὴν Ἐρυθραίαν καὶ τὴν Σομαλίαν. Ὁ Σοβιετικὸς ἀντιπρόσωπος ὑπέβαλε ἀντιπροτάσεις.

ΝΕΑ ΥΟΡΚΗ, 30. (Ἰδ. ὑπηρ.).— Κατὰ τὴν συνεδρίασιν τῆς Πολιτικῆς Ἐπιτροπῆς, εἰς τὴν ὁποίαν ἤρχισεν ἡ συζήτησις ἐπὶ τοῦ ζητήματος τῶν πρώην ἰταλικῶν ἀποικιῶν, ὁ ἀντιπρόσωπος τῆς Μ. Βρεταννίας ἀνέπτυξε τὸ βρεταννικὸν σχέδιον διὰ τὴν Λιβύην, τὴν Ἐρυθραίαν καὶ τὴν Σομαλίαν. Ὁ Σοβιετικὸς ἀντιπρόσωπος ὑπέβαλε ἀντιπροτάσεις.

ΝΕΑ ΥΟΡΚΗ, 30. (Ἰδ. ὑπηρ.).— Κατὰ τὴν συνεδρίασιν τῆς Πολιτικῆς Ἐπιτροπῆς, εἰς τὴν ὁποίαν ἤρχισεν ἡ συζήτησις ἐπὶ τοῦ ζητήματος τῶν πρώην ἰταλικῶν ἀποικιῶν, ὁ ἀντιπρόσωπος τῆς Μ. Βρεταννίας ἀνέπτυξε τὸ βρεταννικὸν σχέδιον διὰ τὴν Λιβύην, τὴν Ἐρυθραίαν καὶ τὴν Σομαλίαν. Ὁ Σοβιετικὸς ἀντιπρόσωπος ὑπέβαλε ἀντιπροτάσεις.

ΝΕΑ ΥΟΡΚΗ, 30. (Ἰδ. ὑπηρ.).— Κατὰ τὴν συνεδρίασιν τῆς Πολιτικῆς Ἐπιτροπῆς, εἰς τὴν ὁποίαν ἤρχισεν ἡ συζήτησις ἐπὶ τοῦ ζητήματος τῶν πρώην ἰταλικῶν ἀποικιῶν, ὁ ἀντιπρόσωπος τῆς Μ. Βρεταννίας ἀνέπτυξε τὸ βρεταννικὸν σχέδιον διὰ τὴν Λιβύην, τὴν Ἐρυθραίαν καὶ τὴν Σομαλίαν. Ὁ Σοβιετικὸς ἀντιπρόσωπος ὑπέβαλε ἀντιπροτάσεις.

ΝΕΑ ΥΟΡΚΗ, 30. (Ἰδ. ὑπηρ.).— Κατὰ τὴν συνεδρίασιν τῆς Πολιτικῆς Ἐπιτροπῆς, εἰς τὴν ὁποίαν ἤρχισεν ἡ συζήτησις ἐπὶ τοῦ ζητήματος τῶν πρώην ἰταλικῶν ἀποικιῶν, ὁ ἀντιπρόσωπος τῆς Μ. Βρεταννίας ἀνέπτυξε τὸ βρεταννικὸν σχέδιον διὰ τὴν Λιβύην, τὴν Ἐρυθραίαν καὶ τὴν Σομαλίαν. Ὁ Σοβιετικὸς ἀντιπρόσωπος ὑπέβαλε ἀντιπροτάσεις.

ΝΕΑ ΥΟΡΚΗ, 30. (Ἰδ. ὑπηρ.).— Κατὰ τὴν συνεδρίασιν τῆς Πολιτικῆς Ἐπιτροπῆς, εἰς τὴν ὁποίαν ἤρχισεν ἡ συζήτησις ἐπὶ τοῦ ζητήματος τῶν πρώην ἰταλικῶν ἀποικιῶν, ὁ ἀντιπρόσωπος τῆς Μ. Βρεταννίας ἀνέπτυξε τὸ βρεταννικὸν σχέδιον διὰ τὴν Λιβύην, τὴν Ἐρυθραίαν καὶ τὴν Σομαλίαν. Ὁ Σοβιετικὸς ἀντιπρόσωπος ὑπέβαλε ἀντιπροτάσεις.

ΝΕΑ ΥΟΡΚΗ, 30. (Ἰδ. ὑπηρ.).— Κατὰ τὴν συνεδρίασιν τῆς Πολιτικῆς Ἐπιτροπῆς, εἰς τὴν ὁποίαν ἤρχισεν ἡ συζήτησις ἐπὶ τοῦ ζητήματος τῶν πρώην ἰταλικῶν ἀποικιῶν, ὁ ἀντιπρόσωπος τῆς Μ. Βρεταννίας ἀνέπτυξε τὸ βρεταννικὸν σχέδιον διὰ τὴν Λιβύην, τὴν Ἐρυθραίαν καὶ τὴν Σομαλίαν. Ὁ Σοβιετικὸς ἀντιπρόσωπος ὑπέβαλε ἀντιπροτάσεις.

Ο Κ. ΔΙΟΜΗΔΗΣ ΙΚΑΝΟΠΟΙΗΜΕΝΟΣ ΑΠΟ ΤΗΝ ΠΟΡΕΙΑΝ ΤΩΝ ΟΙΚΟΝΟΜΙΚΩΝ

Ὁ πρωθυπουργὸς κ. Διομήδης ἐδήλωσεν ὅτι εἶναι ἱκανοποιημένος ἀπὸ τὴν πορείαν τῶν οἰκονομικῶν. Τὰ νομισματικὰ στοιχεῖα παρουσιάζουν βελτίωσιν, αἱ δὲ τιμαὶ τῶν εἰδῶν πρώτης ἀνάγκης παραμένουν σταθεραί.

Ὁ πρωθυπουργὸς κ. Διομήδης ἐδήλωσεν ὅτι εἶναι ἱκανοποιημένος ἀπὸ τὴν πορείαν τῶν οἰκονομικῶν. Τὰ νομισματικὰ στοιχεῖα παρουσιάζουν βελτίωσιν, αἱ δὲ τιμαὶ τῶν εἰδῶν πρώτης ἀνάγκης παραμένουν σταθεραί.

Ὁ πρωθυπουργὸς κ. Διομήδης ἐδήλωσεν ὅτι εἶναι ἱκανοποιημένος ἀπὸ τὴν πορείαν τῶν οἰκονομικῶν. Τὰ νομισματικὰ στοιχεῖα παρουσιάζουν βελτίωσιν, αἱ δὲ τιμαὶ τῶν εἰδῶν πρώτης ἀνάγκης παραμένουν σταθεραί.

ΕΠΑΥΣΕΝ ΑΠΟ ΧΘΕΣ ΛΕΙΤΟΥΡΓΟΥΣΑ Η «ΑΕΡΟΓΕΦΥΡΑ» ΤΟΥ ΒΕΡΟΛΙΝΟΥ

ΠΑΡΙΣΙΟΙ, 30. (Ἰδ. ὑπ.).— Μεταβιβάσεις εἰς Βερολίνον διὰ τῆς ἀερογεφύρας ἐπαυσαν ἀπὸ σήμερον. Κατὰ τὸ διάστημα λειτουργίας της μετεφέρθησαν εἰς Βερολίνον 2.343.000 τόνοι ἐφοδίων ὑπὸ Ἀμερικανῶν καὶ Βρεταννῶν ἀεροπόρων.

ΠΑΡΙΣΙΟΙ, 30. (Ἰδ. ὑπ.).— Μεταβιβάσεις εἰς Βερολίνον διὰ τῆς ἀερογεφύρας ἐπαυσαν ἀπὸ σήμερον. Κατὰ τὸ διάστημα λειτουργίας της μετεφέρθησαν εἰς Βερολίνον 2.343.000 τόνοι ἐφοδίων ὑπὸ Ἀμερικανῶν καὶ Βρεταννῶν ἀεροπόρων.

ΠΑΡΙΣΙΟΙ, 30. (Ἰδ. ὑπ.).— Μεταβιβάσεις εἰς Βερολίνον διὰ τῆς ἀερογεφύρας ἐπαυσαν ἀπὸ σήμερον. Κατὰ τὸ διάστημα λειτουργίας της μετεφέρθησαν εἰς Βερολίνον 2.343.000 τόνοι ἐφοδίων ὑπὸ Ἀμερικανῶν καὶ Βρεταννῶν ἀεροπόρων.

ΟΙ ΒΡΕΤΑΝΝΟΙ ΣΥΝΤΗΡΗΤΙΚΟΙ ΖΗΤΟΥΝ ΚΟΙΝΗΝ ΔΡΑΣΙΝ ΤΩΝ ΔΥΤΙΚΩΝ ΧΩΡΩΝ

ΛΟΝΔΙΝΟΝ, 30. (Ἰδ. ὑπ.).— Ὁ ἀρχηγὸς τῆς ἀντιπολιτεύσεως κ. Τσῶρτσιλ διὰ δηλώσεώς του ἐζήτησε τὴν κοινὴν οἰκονομικὴν καὶ πολιτικὴν δρᾶσιν τῶν δυτικῶν χωρῶν πρὸς ἀντιμετώπισιν τῶν προβλημάτων τῆς μεταπολεμικῆς Εὐρώπης.

ΛΟΝΔΙΝΟΝ, 30. (Ἰδ. ὑπ.).— Ὁ ἀρχηγὸς τῆς ἀντιπολιτεύσεως κ. Τσῶρτσιλ διὰ δηλώσεώς του ἐζήτησε τὴν κοινὴν οἰκονομικὴν καὶ πολιτικὴν δρᾶσιν τῶν δυτικῶν χωρῶν πρὸς ἀντιμετώπισιν τῶν προβλημάτων τῆς μεταπολεμικῆς Εὐρώπης.

ΛΟΝΔΙΝΟΝ, 30. (Ἰδ. ὑπ.).— Ὁ ἀρχηγὸς τῆς ἀντιπολιτεύσεως κ. Τσῶρτσιλ διὰ δηλώσεώς του ἐζήτησε τὴν κοινὴν οἰκονομικὴν καὶ πολιτικὴν δρᾶσιν τῶν δυτικῶν χωρῶν πρὸς ἀντιμετώπισιν τῶν προβλημάτων τῆς μεταπολεμικῆς Εὐρώπης.

ΛΟΝΔΙΝΟΝ, 30. (Ἰδ. ὑπ.).— Ὁ ἀρχηγὸς τῆς ἀντιπολιτεύσεως κ. Τσῶρτσιλ διὰ δηλώσεώς του ἐζήτησε τὴν κοινὴν οἰκονομικὴν καὶ πολιτικὴν δρᾶσιν τῶν δυτικῶν χωρῶν πρὸς ἀντιμετώπισιν τῶν προβλημάτων τῆς μεταπολεμικῆς Εὐρώπης.

ΛΟΝΔΙΝΟΝ, 30. (Ἰδ. ὑπ.).— Ὁ ἀρχηγὸς τῆς ἀντιπολιτεύσεως κ. Τσῶρτσιλ διὰ δηλώσεώς του ἐζήτησε τὴν κοινὴν οἰκονομικὴν καὶ πολιτικὴν δρᾶσιν τῶν δυτικῶν χωρῶν πρὸς ἀντιμετώπισιν τῶν προβλημάτων τῆς μεταπολεμικῆς Εὐρώπης.

ΛΟΝΔΙΝΟΝ, 30. (Ἰδ. ὑπ.).— Ὁ ἀρχηγὸς τῆς ἀντιπολιτεύσεως κ. Τσῶρτσιλ διὰ δηλώσεώς του ἐζήτησε τὴν κοινὴν οἰκονομικὴν καὶ πολιτικὴν δρᾶσιν τῶν δυτικῶν χωρῶν πρὸς ἀντιμετώπισιν τῶν προβλημάτων τῆς μεταπολεμικῆς Εὐρώπης.

Η ΑΓΓΛΙΑ ΕΖΗΤΗΣΕ ΤΗΝ ΑΝΑΚΛΗΣΙΝ ΟΥΓΓΡΟΥ ΔΙΠΛΩΜΑΤΟΥ ΕΚ ΛΟΝΔΙΝΟΥ

ΛΟΝΔΙΝΟΝ, 30. (Ἰδ. ὑπ.).— Τὸ Φόρεϊν Ὄφφις ἀνεκοίνωσεν ὅτι ἐζήτησε τὴν ἀνάκλησιν ἑνὸς διπλωμάτου τῆς Οὑγγρικῆς Πρεσβείας ἐν Λονδίνῳ, εἰς ἀπάντησιν τῆς ἀπελάσεως Βρεταννοῦ ὑπαλλήλου ἐκ Βουδαπέστης.

ΛΟΝΔΙΝΟΝ, 30. (Ἰδ. ὑπ.).— Τὸ Φόρεϊν Ὄφφις ἀνεκοίνωσεν ὅτι ἐζήτησε τὴν ἀνάκλησιν ἑνὸς διπλωμάτου τῆς Οὑγγρικῆς Πρεσβείας ἐν Λονδίνῳ, εἰς ἀπάντησιν τῆς ἀπελάσεως Βρεταννοῦ ὑπαλλήλου ἐκ Βουδαπέστης.

ΛΟΝΔΙΝΟΝ, 30. (Ἰδ. ὑπ.).— Τὸ Φόρεϊν Ὄφφις ἀνεκοίνωσεν ὅτι ἐζήτησε τὴν ἀνάκλησιν ἑνὸς διπλωμάτου τῆς Οὑγγρικῆς Πρεσβείας ἐν Λονδίνῳ, εἰς ἀπάντησιν τῆς ἀπελάσεως Βρεταννοῦ ὑπαλλήλου ἐκ Βουδαπέστης.

ΣΗΜΕΡΟΝ Η ΚΗΔΕΙΑ ΤΟΥ ΤΕΩΣ ΑΘΗΝΩΝ ΜΑΚ. ΧΡΥΣΑΝΘΟΥ

Σήμερον τὴν 11ην π.μ. θὰ γίνῃ ἡ κηδεία τοῦ τέως Ἀρχιεπισκόπου Ἀθηνῶν Μακαριωτάτου Χρυσάνθου ἐκ τοῦ Μητροπολιτικοῦ Ναοῦ.

Σήμερον τὴν 11ην π.μ. θὰ γίνῃ ἡ κηδεία τοῦ τέως Ἀρχιεπισκόπου Ἀθηνῶν Μακαριωτάτου Χρυσάνθου ἐκ τοῦ Μητροπολιτικοῦ Ναοῦ.

Σήμερον τὴν 11ην π.μ. θὰ γίνῃ ἡ κηδεία τοῦ τέως Ἀρχιεπισκόπου Ἀθηνῶν Μακαριωτάτου Χρυσάνθου ἐκ τοῦ Μητροπολιτικοῦ Ναοῦ.

ΤΟ ΣΥΝΤΗΡΗΤΙΚΟΝ ΠΙΘΑΝΟΝ ΣΕΡΙ ΤΗΝ ΠΡΟΣΕΧΟΥΣ ΓΕΝ. ΣΥΝΕΛΕΥΣΙΝ

ΛΟΝΔΙΝΟΝ, 30. (Ἰδ. ὑπ.).— Κατὰ πληροφορίας πολιτικῶν κύκλων, αἱ ἐκλογαὶ πιθανὸν νὰ διεξαχθοῦν ἐντὸς τοῦ προσεχοῦς ἔτους.

ΛΟΝΔΙΝΟΝ, 30. (Ἰδ. ὑπ.).— Κατὰ πληροφορίας πολιτικῶν κύκλων, αἱ ἐκλογαὶ πιθανὸν νὰ διεξαχθοῦν ἐντὸς τοῦ προσεχοῦς ἔτους.

ΛΟΝΔΙΝΟΝ, 30. (Ἰδ. ὑπ.).— Κατὰ πληροφορίας πολιτικῶν κύκλων, αἱ ἐκλογαὶ πιθανὸν νὰ διεξαχθοῦν ἐντὸς τοῦ προσεχοῦς ἔτους.
